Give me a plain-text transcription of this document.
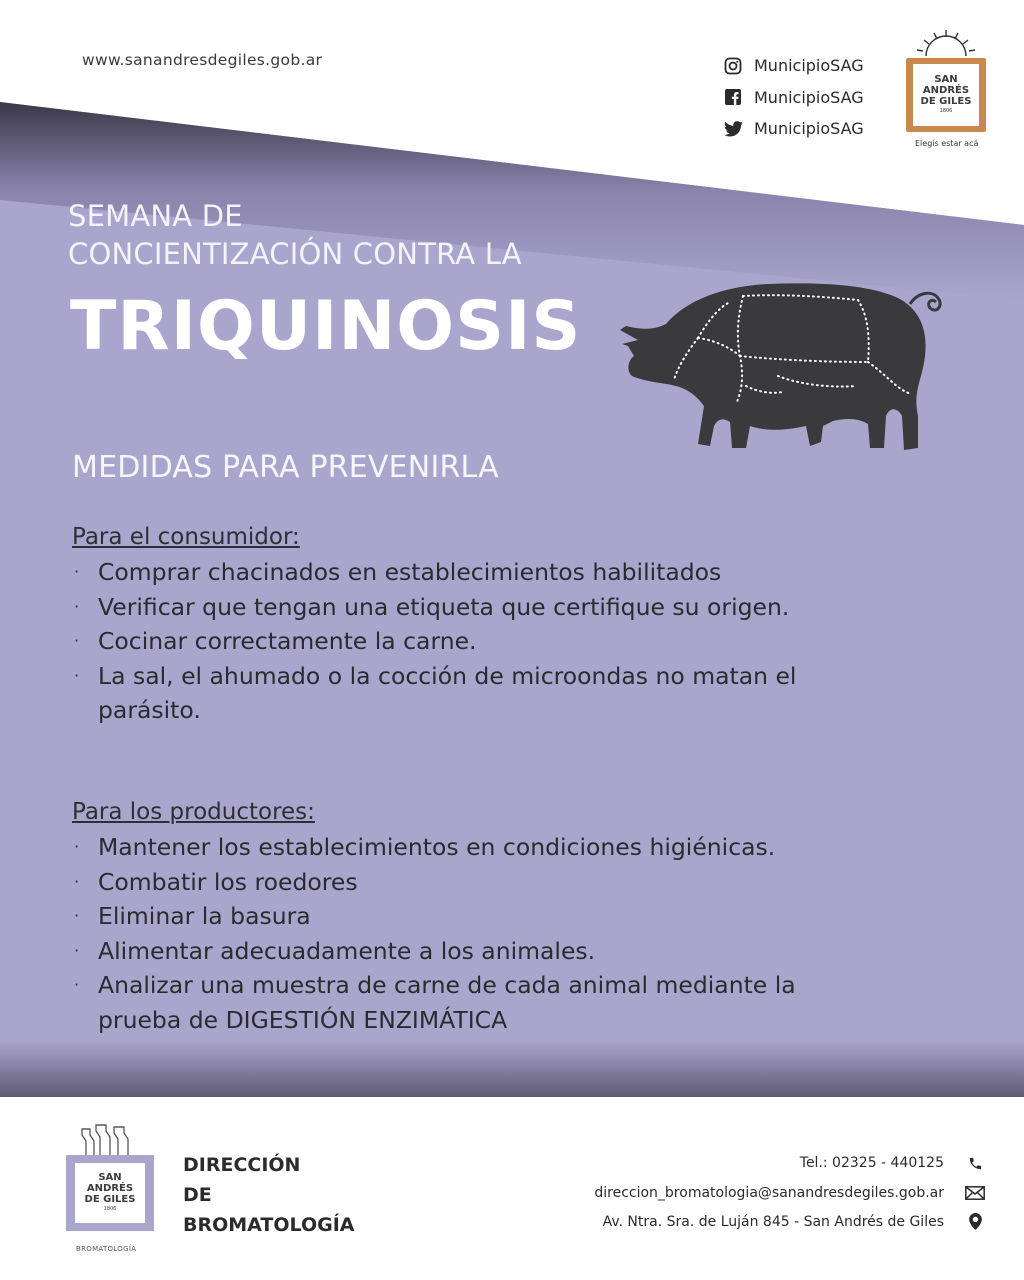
www.sanandresdegiles.gob.ar	MunicipioSAG
MunicipioSAG
MunicipioSAG
SAN
ANDRÉS
DE GILES
1806
Elegís estar acá
SEMANA DE
CONCIENTIZACIÓN CONTRA LA
TRIQUINOSIS
MEDIDAS PARA PREVENIRLA
Para el consumidor:
· Comprar chacinados en establecimientos habilitados
· Verificar que tengan una etiqueta que certifique su origen.
· Cocinar correctamente la carne.
· La sal, el ahumado o la cocción de microondas no matan el
parásito.
Para los productores:
· Mantener los establecimientos en condiciones higiénicas.
· Combatir los roedores
· Eliminar la basura
· Alimentar adecuadamente a los animales.
· Analizar una muestra de carne de cada animal mediante la
prueba de DIGESTIÓN ENZIMÁTICA
SAN
ANDRÉS
DE GILES
1806
BROMATOLOGÍA
DIRECCIÓN
DE
BROMATOLOGÍA
Tel.: 02325 - 440125
direccion_bromatologia@sanandresdegiles.gob.ar
Av. Ntra. Sra. de Luján 845 - San Andrés de Giles
